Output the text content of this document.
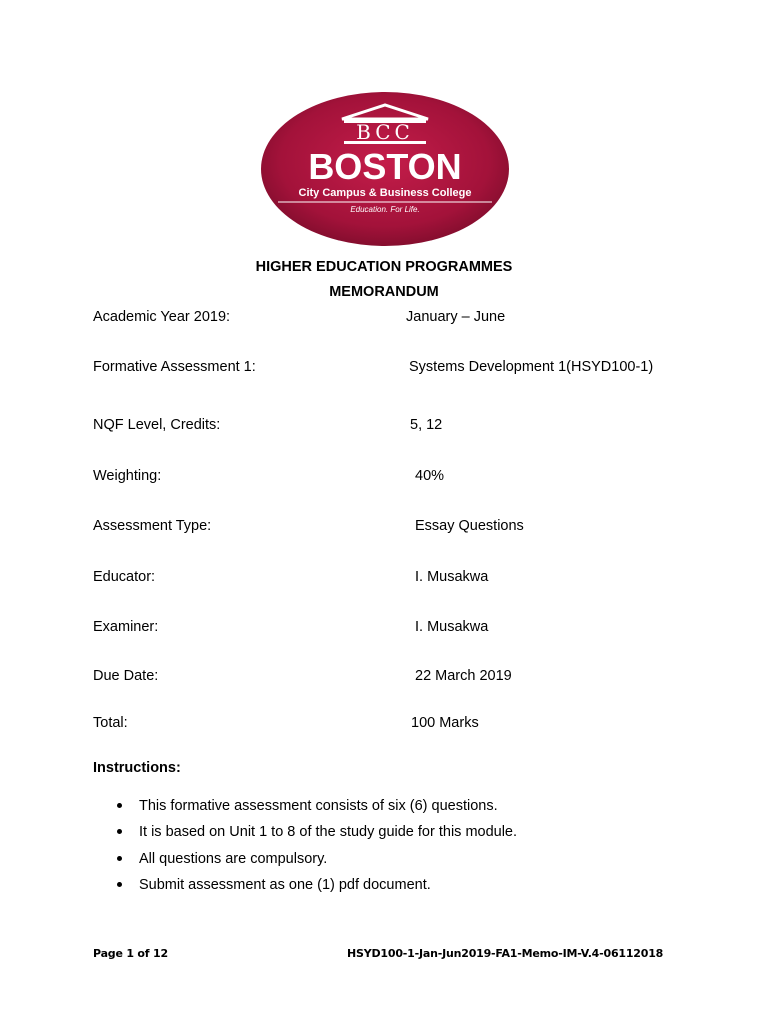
BCC
BOSTON
City Campus & Business College
Education. For Life.
HIGHER EDUCATION PROGRAMMES
MEMORANDUM
Academic Year 2019:	January – June
Formative Assessment 1:	Systems Development 1(HSYD100-1)
NQF Level, Credits:	5, 12
Weighting:	40%
Assessment Type:	Essay Questions
Educator:	I. Musakwa
Examiner:	I. Musakwa
Due Date:	22 March 2019
Total:	100 Marks
Instructions:
This formative assessment consists of six (6) questions.
It is based on Unit 1 to 8 of the study guide for this module.
All questions are compulsory.
Submit assessment as one (1) pdf document.
Page 1 of 12	HSYD100-1-Jan-Jun2019-FA1-Memo-IM-V.4-06112018
